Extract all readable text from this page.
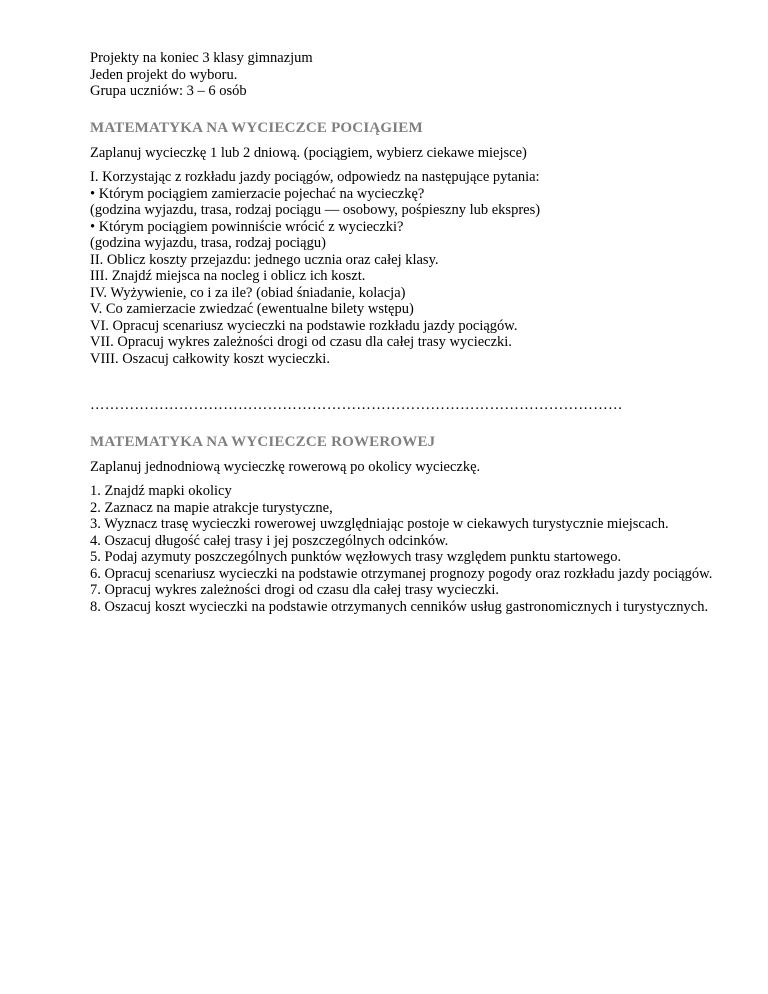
Projekty na koniec 3 klasy gimnazjum
Jeden projekt do wyboru.
Grupa uczniów: 3 – 6 osób
MATEMATYKA NA WYCIECZCE POCIĄGIEM
Zaplanuj wycieczkę 1 lub 2 dniową. (pociągiem, wybierz ciekawe miejsce)
I. Korzystając z rozkładu jazdy pociągów, odpowiedz na następujące pytania:
• Którym pociągiem zamierzacie pojechać na wycieczkę?
(godzina wyjazdu, trasa, rodzaj pociągu — osobowy, pośpieszny lub ekspres)
• Którym pociągiem powinniście wrócić z wycieczki?
(godzina wyjazdu, trasa, rodzaj pociągu)
II. Oblicz koszty przejazdu: jednego ucznia oraz całej klasy.
III. Znajdź miejsca na nocleg i oblicz ich koszt.
IV. Wyżywienie, co i za ile? (obiad śniadanie, kolacja)
V. Co zamierzacie zwiedzać (ewentualne bilety wstępu)
VI. Opracuj scenariusz wycieczki na podstawie rozkładu jazdy pociągów.
VII. Opracuj wykres zależności drogi od czasu dla całej trasy wycieczki.
VIII. Oszacuj całkowity koszt wycieczki.
………………………………………………………………………………………………
MATEMATYKA NA WYCIECZCE ROWEROWEJ
Zaplanuj jednodniową wycieczkę rowerową po okolicy wycieczkę.
1. Znajdź mapki okolicy
2. Zaznacz na mapie atrakcje turystyczne,
3. Wyznacz trasę wycieczki rowerowej uwzględniając postoje w ciekawych turystycznie miejscach.
4. Oszacuj długość całej trasy i jej poszczególnych odcinków.
5. Podaj azymuty poszczególnych punktów węzłowych trasy względem punktu startowego.
6. Opracuj scenariusz wycieczki na podstawie otrzymanej prognozy pogody oraz rozkładu jazdy pociągów.
7. Opracuj wykres zależności drogi od czasu dla całej trasy wycieczki.
8. Oszacuj koszt wycieczki na podstawie otrzymanych cenników usług gastronomicznych i turystycznych.
